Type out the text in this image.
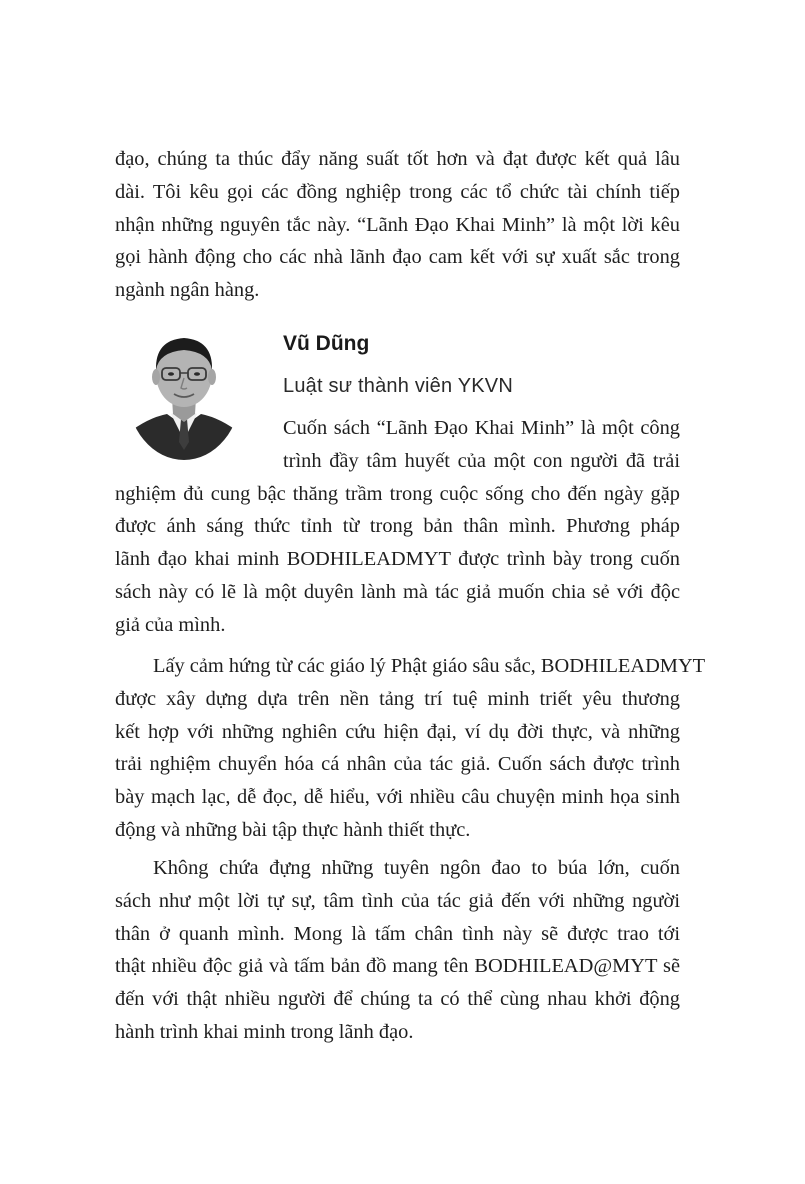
đạo, chúng ta thúc đẩy năng suất tốt hơn và đạt được kết quả lâu
dài. Tôi kêu gọi các đồng nghiệp trong các tổ chức tài chính tiếp
nhận những nguyên tắc này. “Lãnh Đạo Khai Minh” là một lời kêu
gọi hành động cho các nhà lãnh đạo cam kết với sự xuất sắc trong
ngành ngân hàng.

Vũ Dũng

Luật sư thành viên YKVN

Cuốn sách “Lãnh Đạo Khai Minh” là một công
trình đầy tâm huyết của một con người đã trải
nghiệm đủ cung bậc thăng trầm trong cuộc sống cho đến ngày gặp
được ánh sáng thức tỉnh từ trong bản thân mình. Phương pháp
lãnh đạo khai minh BODHILEADMYT được trình bày trong cuốn
sách này có lẽ là một duyên lành mà tác giả muốn chia sẻ với độc
giả của mình.

Lấy cảm hứng từ các giáo lý Phật giáo sâu sắc, BODHILEADMYT
được xây dựng dựa trên nền tảng trí tuệ minh triết yêu thương
kết hợp với những nghiên cứu hiện đại, ví dụ đời thực, và những
trải nghiệm chuyển hóa cá nhân của tác giả. Cuốn sách được trình
bày mạch lạc, dễ đọc, dễ hiểu, với nhiều câu chuyện minh họa sinh
động và những bài tập thực hành thiết thực.

Không chứa đựng những tuyên ngôn đao to búa lớn, cuốn
sách như một lời tự sự, tâm tình của tác giả đến với những người
thân ở quanh mình. Mong là tấm chân tình này sẽ được trao tới
thật nhiều độc giả và tấm bản đồ mang tên BODHILEAD@MYT sẽ
đến với thật nhiều người để chúng ta có thể cùng nhau khởi động
hành trình khai minh trong lãnh đạo.
